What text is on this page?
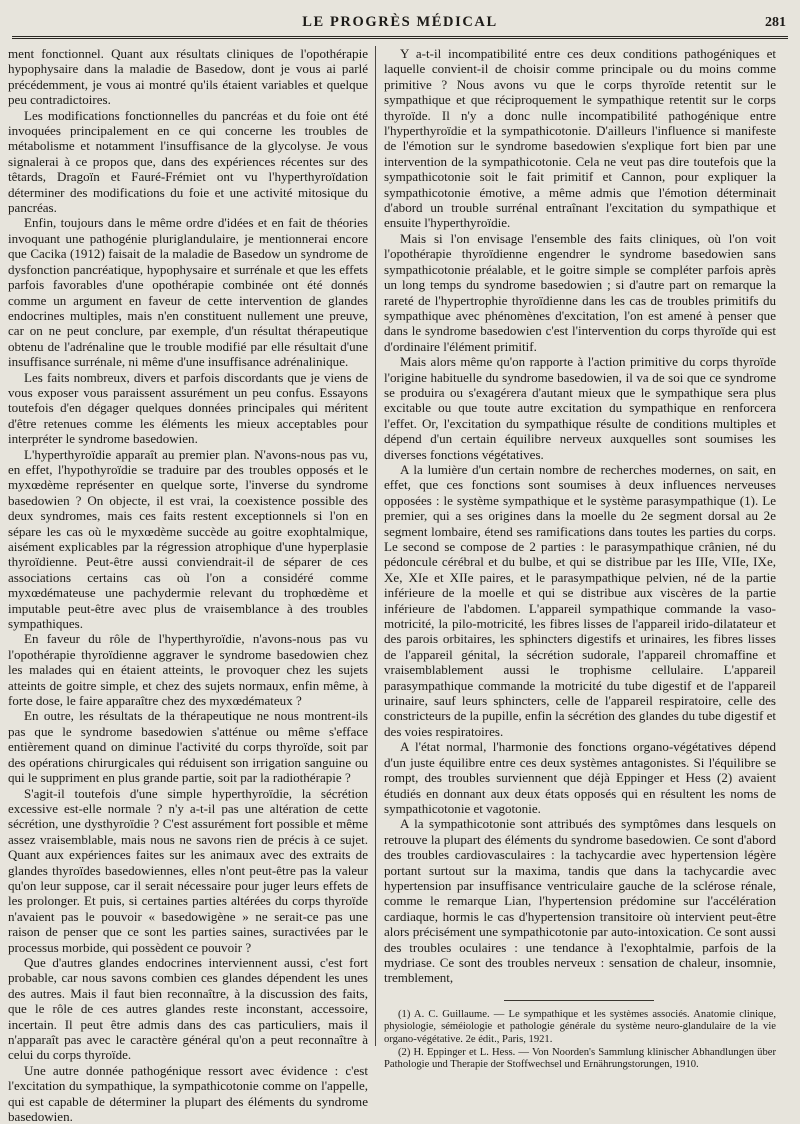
LE PROGRÈS MÉDICAL	281

ment fonctionnel. Quant aux résultats cliniques de l'opothérapie hypophysaire dans la maladie de Basedow, dont je vous ai parlé précédemment, je vous ai montré qu'ils étaient variables et quelque peu contradictoires.

Les modifications fonctionnelles du pancréas et du foie ont été invoquées principalement en ce qui concerne les troubles de métabolisme et notamment l'insuffisance de la glycolyse. Je vous signalerai à ce propos que, dans des expériences récentes sur des têtards, Dragoïn et Fauré-Frémiet ont vu l'hyperthyroïdation déterminer des modifications du foie et une activité mitosique du pancréas.

Enfin, toujours dans le même ordre d'idées et en fait de théories invoquant une pathogénie pluriglandulaire, je mentionnerai encore que Cacika (1912) faisait de la maladie de Basedow un syndrome de dysfonction pancréatique, hypophysaire et surrénale et que les effets parfois favorables d'une opothérapie combinée ont été donnés comme un argument en faveur de cette intervention de glandes endocrines multiples, mais n'en constituent nullement une preuve, car on ne peut conclure, par exemple, d'un résultat thérapeutique obtenu de l'adrénaline que le trouble modifié par elle résultait d'une insuffisance surrénale, ni même d'une insuffisance adrénalinique.

Les faits nombreux, divers et parfois discordants que je viens de vous exposer vous paraissent assurément un peu confus. Essayons toutefois d'en dégager quelques données principales qui méritent d'être retenues comme les éléments les mieux acceptables pour interpréter le syndrome basedowien.

L'hyperthyroïdie apparaît au premier plan. N'avons-nous pas vu, en effet, l'hypothyroïdie se traduire par des troubles opposés et le myxœdème représenter en quelque sorte, l'inverse du syndrome basedowien ? On objecte, il est vrai, la coexistence possible des deux syndromes, mais ces faits restent exceptionnels si l'on en sépare les cas où le myxœdème succède au goitre exophtalmique, aisément explicables par la régression atrophique d'une hyperplasie thyroïdienne. Peut-être aussi conviendrait-il de séparer de ces associations certains cas où l'on a considéré comme myxœdémateuse une pachydermie relevant du trophœdème et imputable peut-être avec plus de vraisemblance à des troubles sympathiques.

En faveur du rôle de l'hyperthyroïdie, n'avons-nous pas vu l'opothérapie thyroïdienne aggraver le syndrome basedowien chez les malades qui en étaient atteints, le provoquer chez les sujets atteints de goitre simple, et chez des sujets normaux, enfin même, à forte dose, le faire apparaître chez des myxœdémateux ?

En outre, les résultats de la thérapeutique ne nous montrent-ils pas que le syndrome basedowien s'atténue ou même s'efface entièrement quand on diminue l'activité du corps thyroïde, soit par des opérations chirurgicales qui réduisent son irrigation sanguine ou qui le suppriment en plus grande partie, soit par la radiothérapie ?

S'agit-il toutefois d'une simple hyperthyroïdie, la sécrétion excessive est-elle normale ? n'y a-t-il pas une altération de cette sécrétion, une dysthyroïdie ? C'est assurément fort possible et même assez vraisemblable, mais nous ne savons rien de précis à ce sujet. Quant aux expériences faites sur les animaux avec des extraits de glandes thyroïdes basedowiennes, elles n'ont peut-être pas la valeur qu'on leur suppose, car il serait nécessaire pour juger leurs effets de les prolonger. Et puis, si certaines parties altérées du corps thyroïde n'avaient pas le pouvoir « basedowigène » ne serait-ce pas une raison de penser que ce sont les parties saines, suractivées par le processus morbide, qui possèdent ce pouvoir ?

Que d'autres glandes endocrines interviennent aussi, c'est fort probable, car nous savons combien ces glandes dépendent les unes des autres. Mais il faut bien reconnaître, à la discussion des faits, que le rôle de ces autres glandes reste inconstant, accessoire, incertain. Il peut être admis dans des cas particuliers, mais il n'apparaît pas avec le caractère général qu'on a peut reconnaître à celui du corps thyroïde.

Une autre donnée pathogénique ressort avec évidence : c'est l'excitation du sympathique, la sympathicotonie comme on l'appelle, qui est capable de déterminer la plupart des éléments du syndrome basedowien.

Y a-t-il incompatibilité entre ces deux conditions pathogéniques et laquelle convient-il de choisir comme principale ou du moins comme primitive ? Nous avons vu que le corps thyroïde retentit sur le sympathique et que réciproquement le sympathique retentit sur le corps thyroïde. Il n'y a donc nulle incompatibilité pathogénique entre l'hyperthyroïdie et la sympathicotonie. D'ailleurs l'influence si manifeste de l'émotion sur le syndrome basedowien s'explique fort bien par une intervention de la sympathicotonie. Cela ne veut pas dire toutefois que la sympathicotonie soit le fait primitif et Cannon, pour expliquer la sympathicotonie émotive, a même admis que l'émotion déterminait d'abord un trouble surrénal entraînant l'excitation du sympathique et ensuite l'hyperthyroïdie.

Mais si l'on envisage l'ensemble des faits cliniques, où l'on voit l'opothérapie thyroïdienne engendrer le syndrome basedowien sans sympathicotonie préalable, et le goitre simple se compléter parfois après un long temps du syndrome basedowien ; si d'autre part on remarque la rareté de l'hypertrophie thyroïdienne dans les cas de troubles primitifs du sympathique avec phénomènes d'excitation, l'on est amené à penser que dans le syndrome basedowien c'est l'intervention du corps thyroïde qui est d'ordinaire l'élément primitif.

Mais alors même qu'on rapporte à l'action primitive du corps thyroïde l'origine habituelle du syndrome basedowien, il va de soi que ce syndrome se produira ou s'exagérera d'autant mieux que le sympathique sera plus excitable ou que toute autre excitation du sympathique en renforcera l'effet. Or, l'excitation du sympathique résulte de conditions multiples et dépend d'un certain équilibre nerveux auxquelles sont soumises les diverses fonctions végétatives.

A la lumière d'un certain nombre de recherches modernes, on sait, en effet, que ces fonctions sont soumises à deux influences nerveuses opposées : le système sympathique et le système parasympathique (1). Le premier, qui a ses origines dans la moelle du 2e segment dorsal au 2e segment lombaire, étend ses ramifications dans toutes les parties du corps. Le second se compose de 2 parties : le parasympathique crânien, né du pédoncule cérébral et du bulbe, et qui se distribue par les IIIe, VIIe, IXe, Xe, XIe et XIIe paires, et le parasympathique pelvien, né de la partie inférieure de la moelle et qui se distribue aux viscères de la partie inférieure de l'abdomen. L'appareil sympathique commande la vaso-motricité, la pilo-motricité, les fibres lisses de l'appareil irido-dilatateur et des parois orbitaires, les sphincters digestifs et urinaires, les fibres lisses de l'appareil génital, la sécrétion sudorale, l'appareil chromaffine et vraisemblablement aussi le trophisme cellulaire. L'appareil parasympathique commande la motricité du tube digestif et de l'appareil urinaire, sauf leurs sphincters, celle de l'appareil respiratoire, celle des constricteurs de la pupille, enfin la sécrétion des glandes du tube digestif et des voies respiratoires.

A l'état normal, l'harmonie des fonctions organo-végétatives dépend d'un juste équilibre entre ces deux systèmes antagonistes. Si l'équilibre se rompt, des troubles surviennent que déjà Eppinger et Hess (2) avaient étudiés en donnant aux deux états opposés qui en résultent les noms de sympathicotonie et vagotonie.

A la sympathicotonie sont attribués des symptômes dans lesquels on retrouve la plupart des éléments du syndrome basedowien. Ce sont d'abord des troubles cardiovasculaires : la tachycardie avec hypertension légère portant surtout sur la maxima, tandis que dans la tachycardie avec hypertension par insuffisance ventriculaire gauche de la sclérose rénale, comme le remarque Lian, l'hypertension prédomine sur l'accélération cardiaque, hormis le cas d'hypertension transitoire où intervient peut-être alors précisément une sympathicotonie par auto-intoxication. Ce sont aussi des troubles oculaires : une tendance à l'exophtalmie, parfois de la mydriase. Ce sont des troubles nerveux : sensation de chaleur, insomnie, tremblement,

(1) A. C. Guillaume. — Le sympathique et les systèmes associés. Anatomie clinique, physiologie, séméiologie et pathologie générale du système neuro-glandulaire de la vie organo-végétative. 2e édit., Paris, 1921.

(2) H. Eppinger et L. Hess. — Von Noorden's Sammlung klinischer Abhandlungen über Pathologie und Therapie der Stoffwechsel und Ernährungstorungen, 1910.
